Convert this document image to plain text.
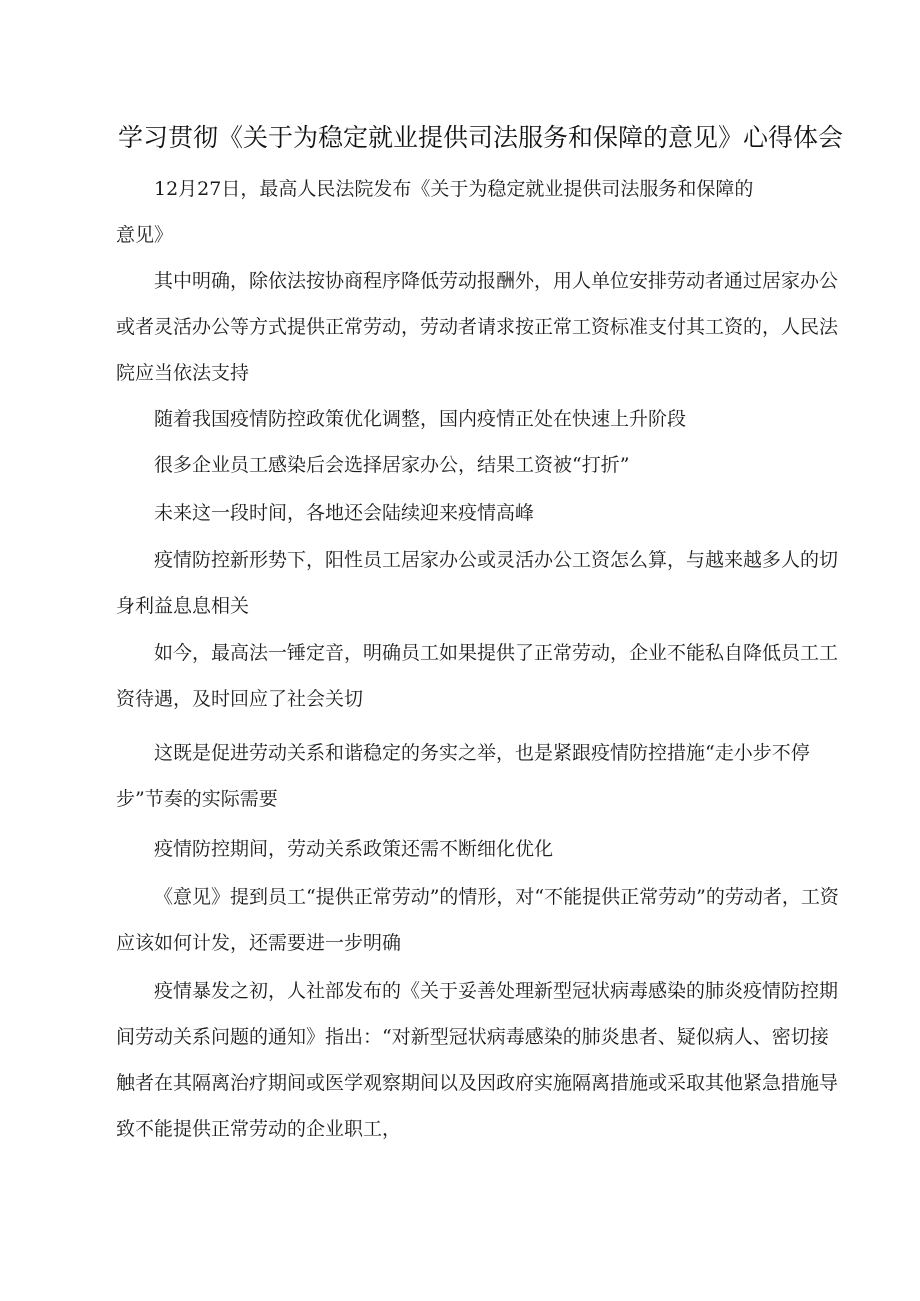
学习贯彻《关于为稳定就业提供司法服务和保障的意见》心得体会
12月27日，最高人民法院发布《关于为稳定就业提供司法服务和保障的意见》
其中明确，除依法按协商程序降低劳动报酬外，用人单位安排劳动者通过居家办公或者灵活办公等方式提供正常劳动，劳动者请求按正常工资标准支付其工资的，人民法院应当依法支持
随着我国疫情防控政策优化调整，国内疫情正处在快速上升阶段
很多企业员工感染后会选择居家办公，结果工资被“打折”
未来这一段时间，各地还会陆续迎来疫情高峰
疫情防控新形势下，阳性员工居家办公或灵活办公工资怎么算，与越来越多人的切身利益息息相关
如今，最高法一锤定音，明确员工如果提供了正常劳动，企业不能私自降低员工工资待遇，及时回应了社会关切
这既是促进劳动关系和谐稳定的务实之举，也是紧跟疫情防控措施“走小步不停步”节奏的实际需要
疫情防控期间，劳动关系政策还需不断细化优化
《意见》提到员工“提供正常劳动”的情形，对“不能提供正常劳动”的劳动者，工资应该如何计发，还需要进一步明确
疫情暴发之初，人社部发布的《关于妥善处理新型冠状病毒感染的肺炎疫情防控期间劳动关系问题的通知》指出：“对新型冠状病毒感染的肺炎患者、疑似病人、密切接触者在其隔离治疗期间或医学观察期间以及因政府实施隔离措施或采取其他紧急措施导致不能提供正常劳动的企业职工，
